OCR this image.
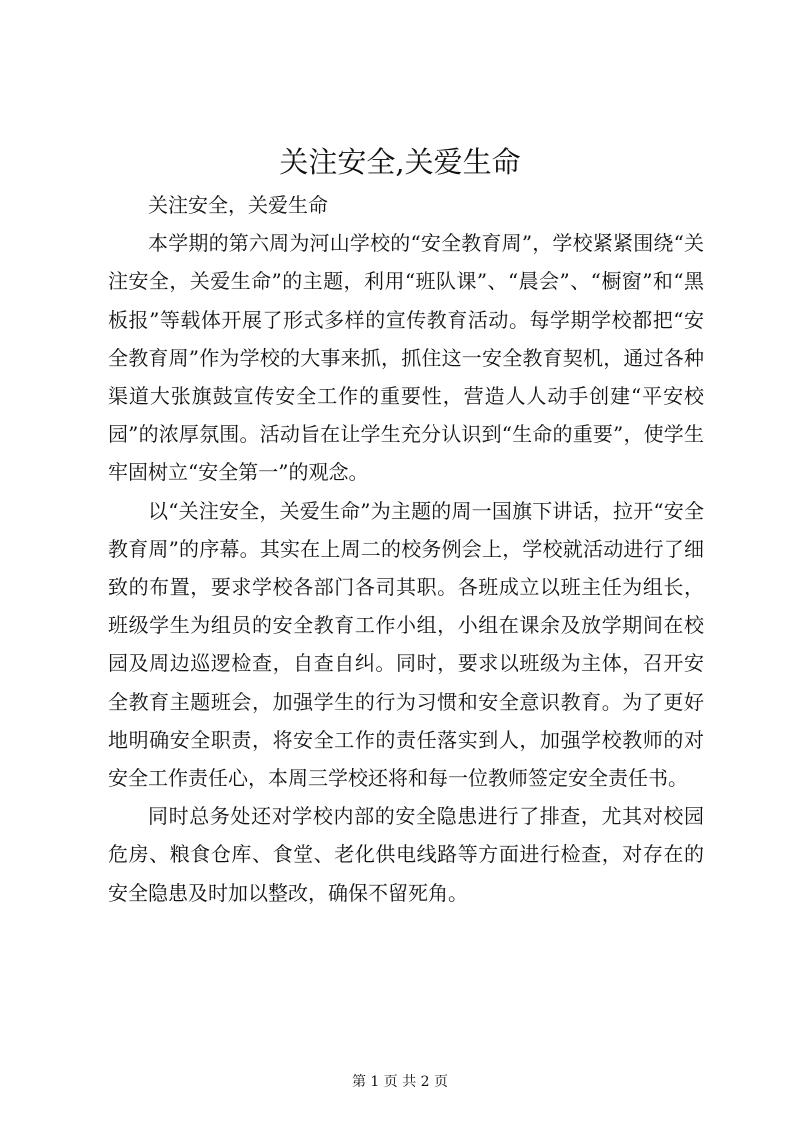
关注安全,关爱生命

关注安全，关爱生命

本学期的第六周为河山学校的“安全教育周”，学校紧紧围绕“关注安全，关爱生命”的主题，利用“班队课”、“晨会”、“橱窗”和“黑板报”等载体开展了形式多样的宣传教育活动。每学期学校都把“安全教育周”作为学校的大事来抓，抓住这一安全教育契机，通过各种渠道大张旗鼓宣传安全工作的重要性，营造人人动手创建“平安校园”的浓厚氛围。活动旨在让学生充分认识到“生命的重要”，使学生牢固树立“安全第一”的观念。

以“关注安全，关爱生命”为主题的周一国旗下讲话，拉开“安全教育周”的序幕。其实在上周二的校务例会上，学校就活动进行了细致的布置，要求学校各部门各司其职。各班成立以班主任为组长，班级学生为组员的安全教育工作小组，小组在课余及放学期间在校园及周边巡逻检查，自查自纠。同时，要求以班级为主体，召开安全教育主题班会，加强学生的行为习惯和安全意识教育。为了更好地明确安全职责，将安全工作的责任落实到人，加强学校教师的对安全工作责任心，本周三学校还将和每一位教师签定安全责任书。

同时总务处还对学校内部的安全隐患进行了排查，尤其对校园危房、粮食仓库、食堂、老化供电线路等方面进行检查，对存在的安全隐患及时加以整改，确保不留死角。

第 1 页 共 2 页
